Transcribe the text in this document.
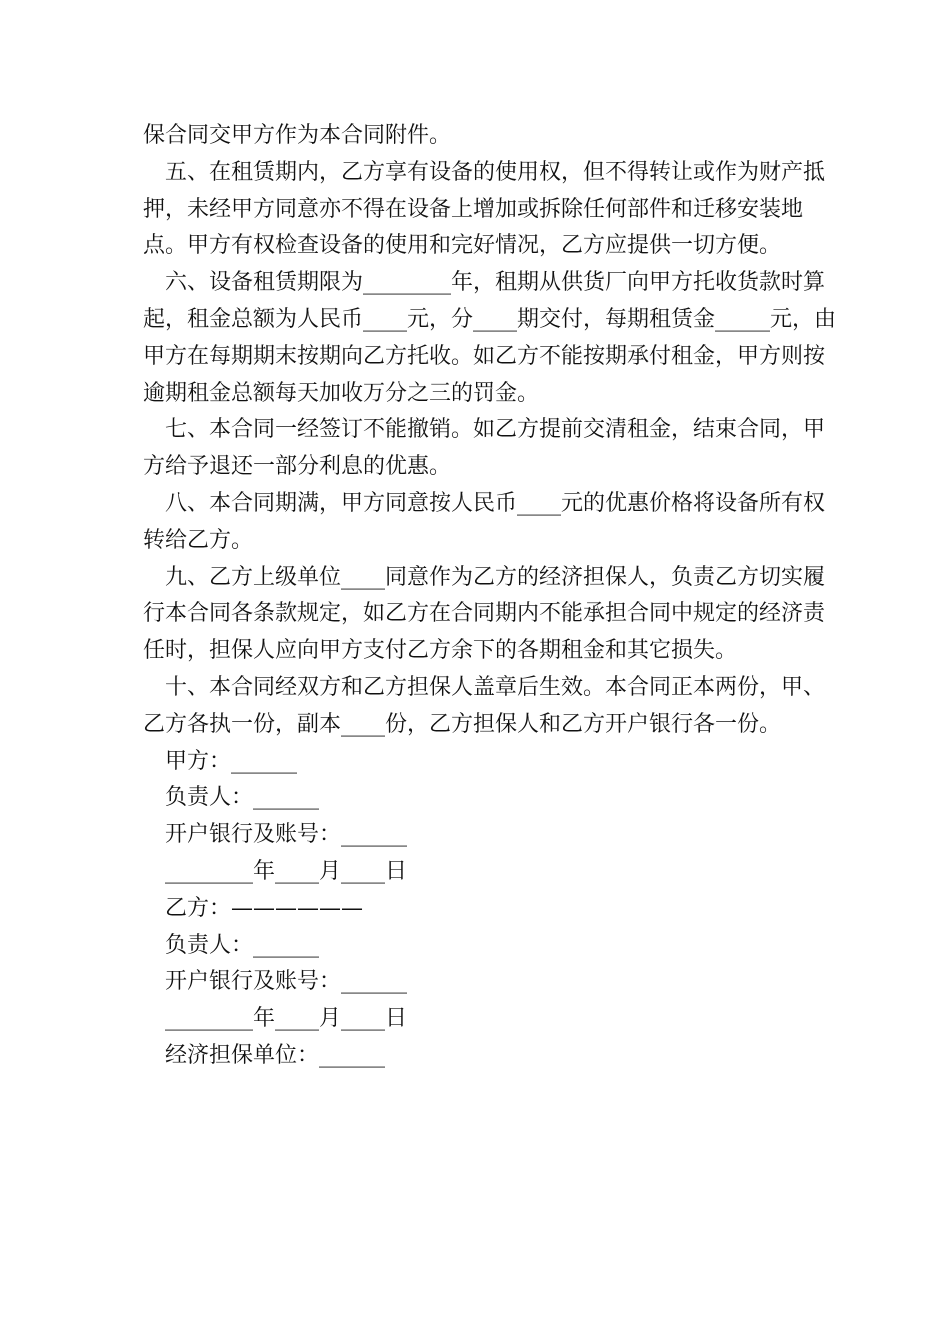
保合同交甲方作为本合同附件。

五、在租赁期内，乙方享有设备的使用权，但不得转让或作为财产抵押，未经甲方同意亦不得在设备上增加或拆除任何部件和迁移安装地点。甲方有权检查设备的使用和完好情况，乙方应提供一切方便。

六、设备租赁期限为________年，租期从供货厂向甲方托收货款时算起，租金总额为人民币____元，分____期交付，每期租赁金_____元，由甲方在每期期末按期向乙方托收。如乙方不能按期承付租金，甲方则按逾期租金总额每天加收万分之三的罚金。

七、本合同一经签订不能撤销。如乙方提前交清租金，结束合同，甲方给予退还一部分利息的优惠。

八、本合同期满，甲方同意按人民币____元的优惠价格将设备所有权转给乙方。

九、乙方上级单位____同意作为乙方的经济担保人，负责乙方切实履行本合同各条款规定，如乙方在合同期内不能承担合同中规定的经济责任时，担保人应向甲方支付乙方余下的各期租金和其它损失。

十、本合同经双方和乙方担保人盖章后生效。本合同正本两份，甲、乙方各执一份，副本____份，乙方担保人和乙方开户银行各一份。

甲方：______

负责人：______

开户银行及账号：______

________年____月____日

乙方：——————

负责人：______

开户银行及账号：______

________年____月____日

经济担保单位：______
